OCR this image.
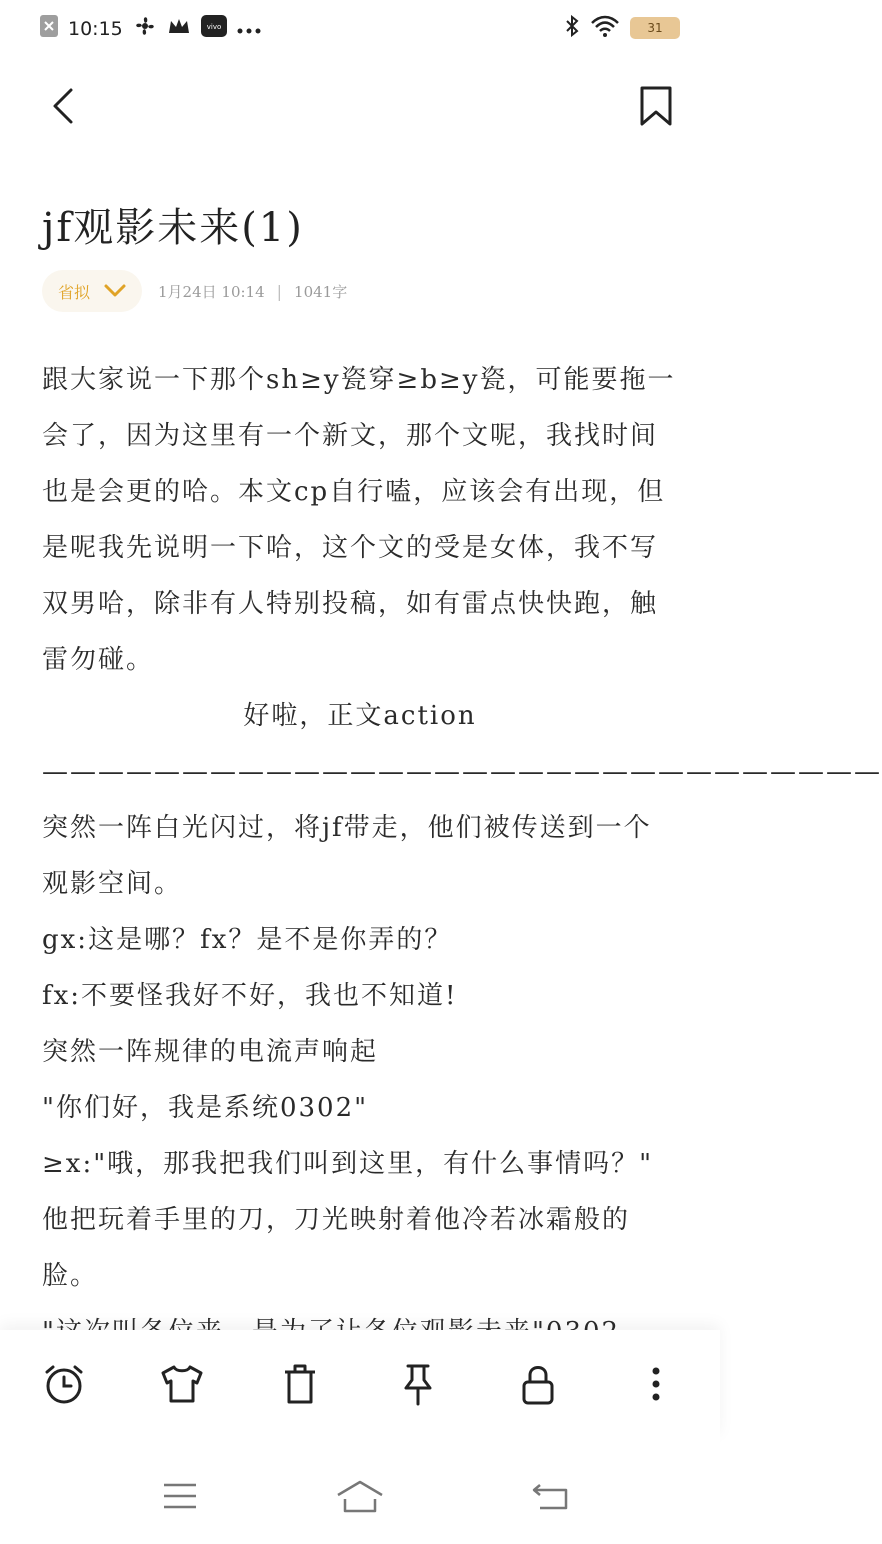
10:15	vivo	31
jf观影未来(1)
省拟	1月24日 10:14 | 1041字

跟大家说一下那个sh≥y瓷穿≥b≥y瓷，可能要拖一会了，因为这里有一个新文，那个文呢，我找时间也是会更的哈。本文cp自行嗑，应该会有出现，但是呢我先说明一下哈，这个文的受是女体，我不写双男哈，除非有人特别投稿，如有雷点快快跑，触雷勿碰。

好啦，正文action

——————————————————————————————

突然一阵白光闪过，将jf带走，他们被传送到一个观影空间。

gx:这是哪？fx？是不是你弄的？

fx:不要怪我好不好，我也不知道!

突然一阵规律的电流声响起

"你们好，我是系统0302"

≥x:"哦，那我把我们叫到这里，有什么事情吗？"

他把玩着手里的刀，刀光映射着他冷若冰霜般的脸。
